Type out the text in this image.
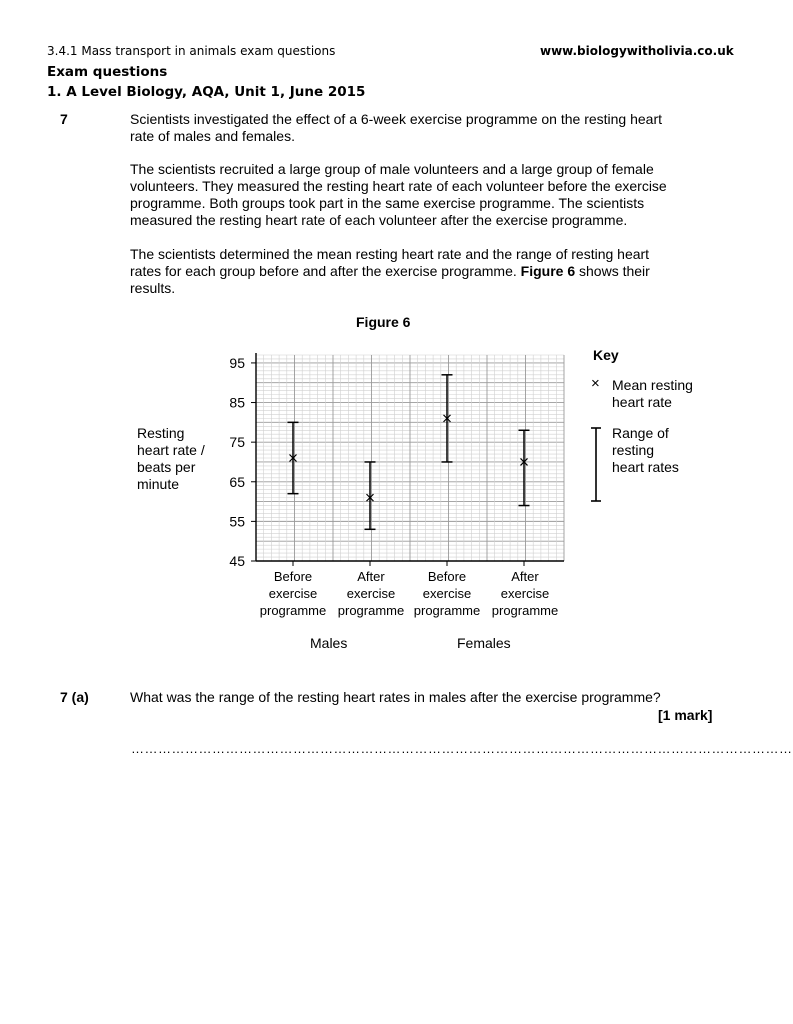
3.4.1 Mass transport in animals exam questions	www.biologywitholivia.co.uk
Exam questions
1. A Level Biology, AQA, Unit 1, June 2015
7	Scientists investigated the effect of a 6-week exercise programme on the resting heart
rate of males and females.
The scientists recruited a large group of male volunteers and a large group of female
volunteers. They measured the resting heart rate of each volunteer before the exercise
programme. Both groups took part in the same exercise programme. The scientists
measured the resting heart rate of each volunteer after the exercise programme.
The scientists determined the mean resting heart rate and the range of resting heart
rates for each group before and after the exercise programme. Figure 6 shows their
results.
Figure 6
Resting
heart rate /
beats per
minute
45
55
65
75
85
95
Before
exercise
programme
After
exercise
programme
Before
exercise
programme
After
exercise
programme
Males	Females
Key
× Mean resting
heart rate
Range of
resting
heart rates
7 (a)	What was the range of the resting heart rates in males after the exercise programme?
[1 mark]
…………………………………………………………………………………………………………………………………
